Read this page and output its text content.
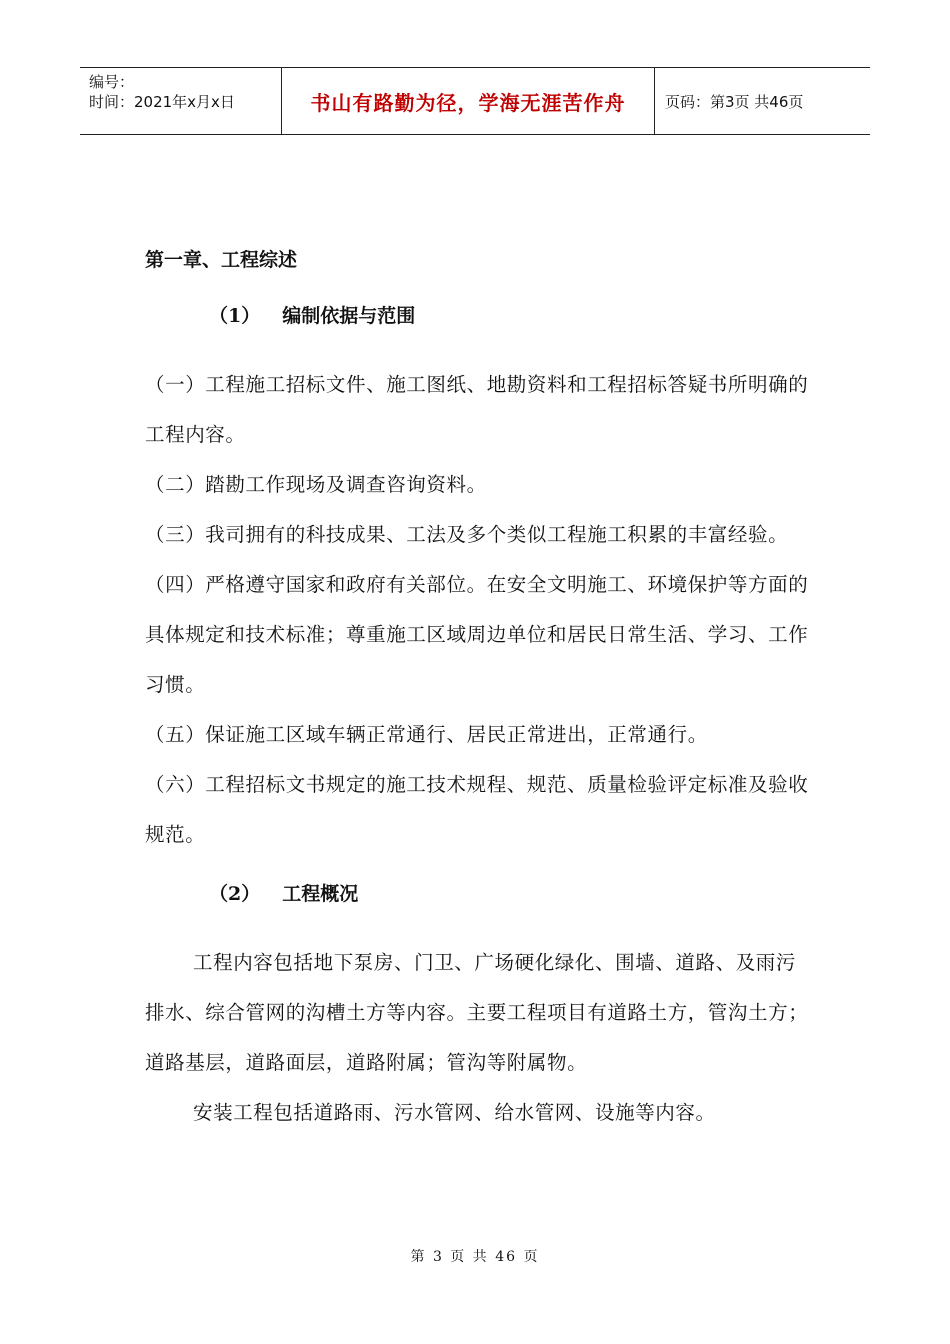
编号：
时间：2021年x月x日	书山有路勤为径，学海无涯苦作舟	页码：第3页 共46页
第一章、工程综述
（1） 编制依据与范围

（一）工程施工招标文件、施工图纸、地勘资料和工程招标答疑书所明确的工程内容。

（二）踏勘工作现场及调查咨询资料。

（三）我司拥有的科技成果、工法及多个类似工程施工积累的丰富经验。

（四）严格遵守国家和政府有关部位。在安全文明施工、环境保护等方面的具体规定和技术标准；尊重施工区域周边单位和居民日常生活、学习、工作习惯。

（五）保证施工区域车辆正常通行、居民正常进出，正常通行。

（六）工程招标文书规定的施工技术规程、规范、质量检验评定标准及验收规范。

（2） 工程概况

工程内容包括地下泵房、门卫、广场硬化绿化、围墙、道路、及雨污排水、综合管网的沟槽土方等内容。主要工程项目有道路土方，管沟土方；道路基层，道路面层，道路附属；管沟等附属物。

安装工程包括道路雨、污水管网、给水管网、设施等内容。

第 3 页 共 46 页
